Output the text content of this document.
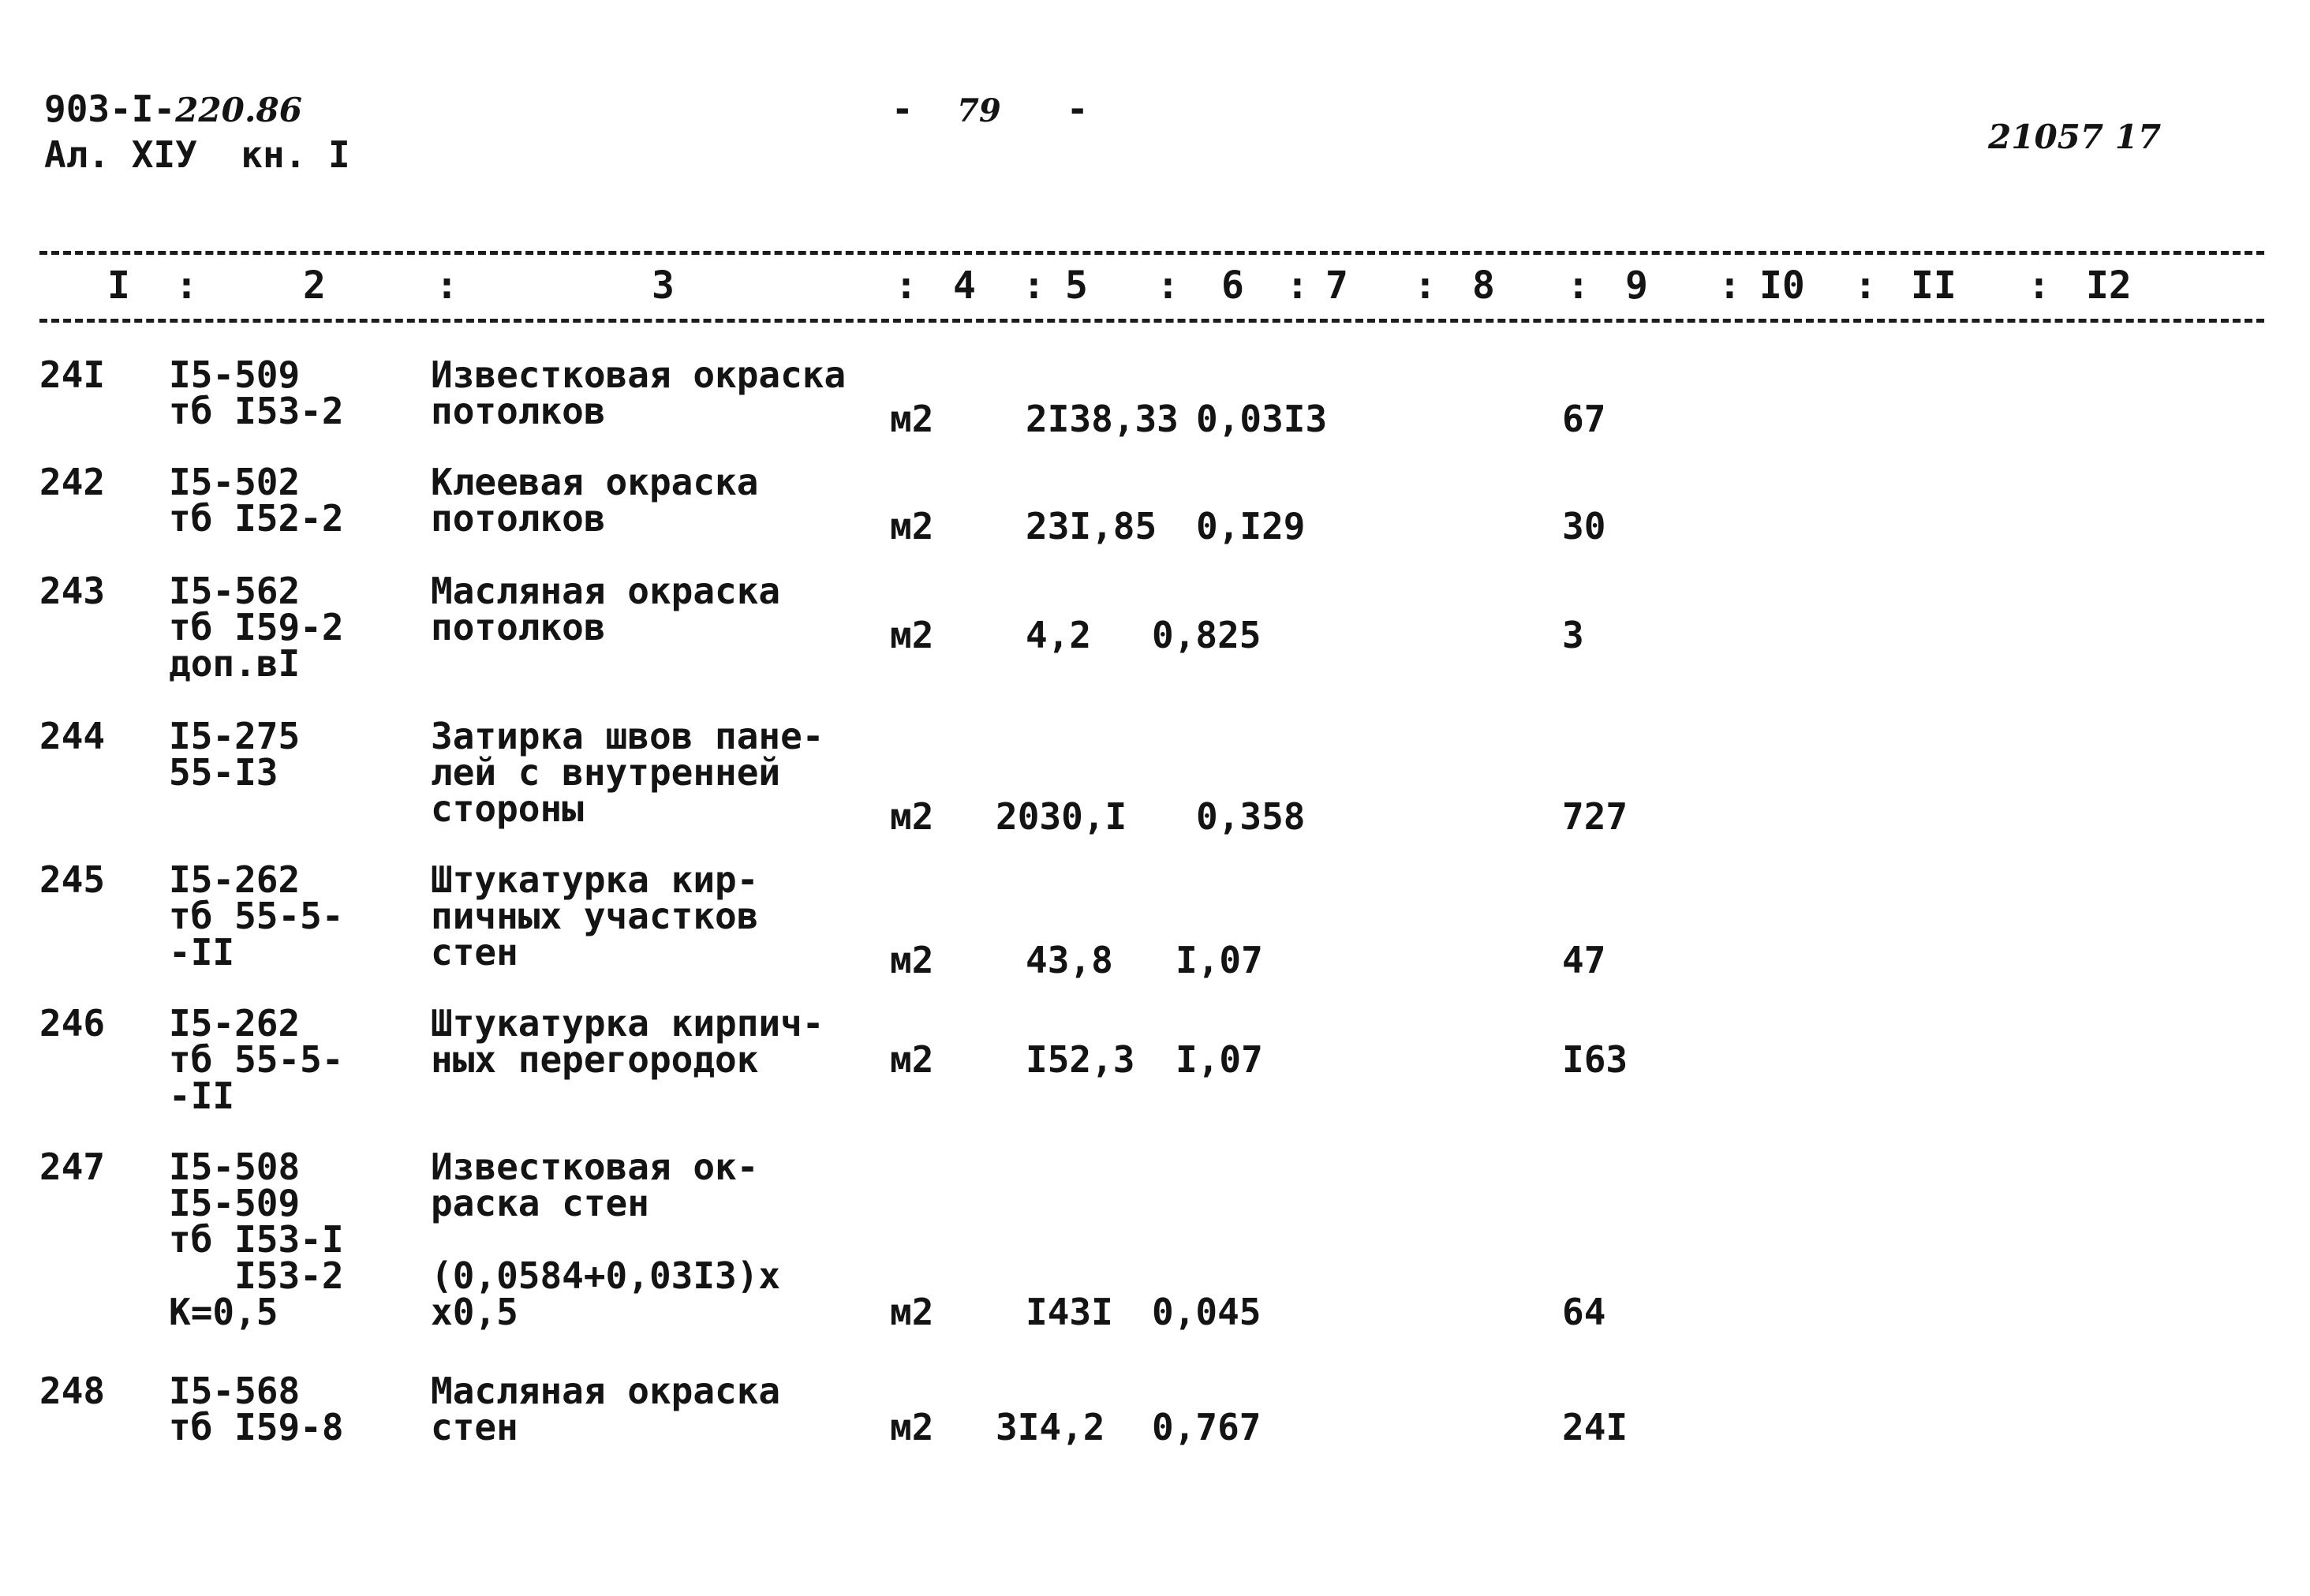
903-I-220.86
Ал. XIУ  кн. I
- 79 -
21057 17
I :	2	:	3	: 4 : 5 : 6 : 7 : 8 : 9 : I0 : II : I2
24I I5-509
тб I53-2
Известковая окраска
потолков	м2	2I38,33 0,03I3	67
242 I5-502
тб I52-2
Клеевая окраска
потолков	м2	23I,85 0,I29	30
243 I5-562
тб I59-2
доп.вI
Масляная окраска
потолков	м2	4,2 0,825	3
244 I5-275
55-I3
Затирка швов пане-
лей с внутренней
стороны	м2 2030,I 0,358	727
245 I5-262
тб 55-5-
-II
Штукатурка кир-
пичных участков
стен	м2	43,8 I,07	47
246 I5-262
тб 55-5-
-II
Штукатурка кирпич-
ных перегородок	м2	I52,3 I,07	I63
247 I5-508
I5-509
тб I53-I
I53-2
К=0,5
Известковая ок-
раска стен
(0,0584+0,03I3)х
х0,5	м2	I43I 0,045	64
248 I5-568
тб I59-8
Масляная окраска
стен	м2 3I4,2 0,767	24I
